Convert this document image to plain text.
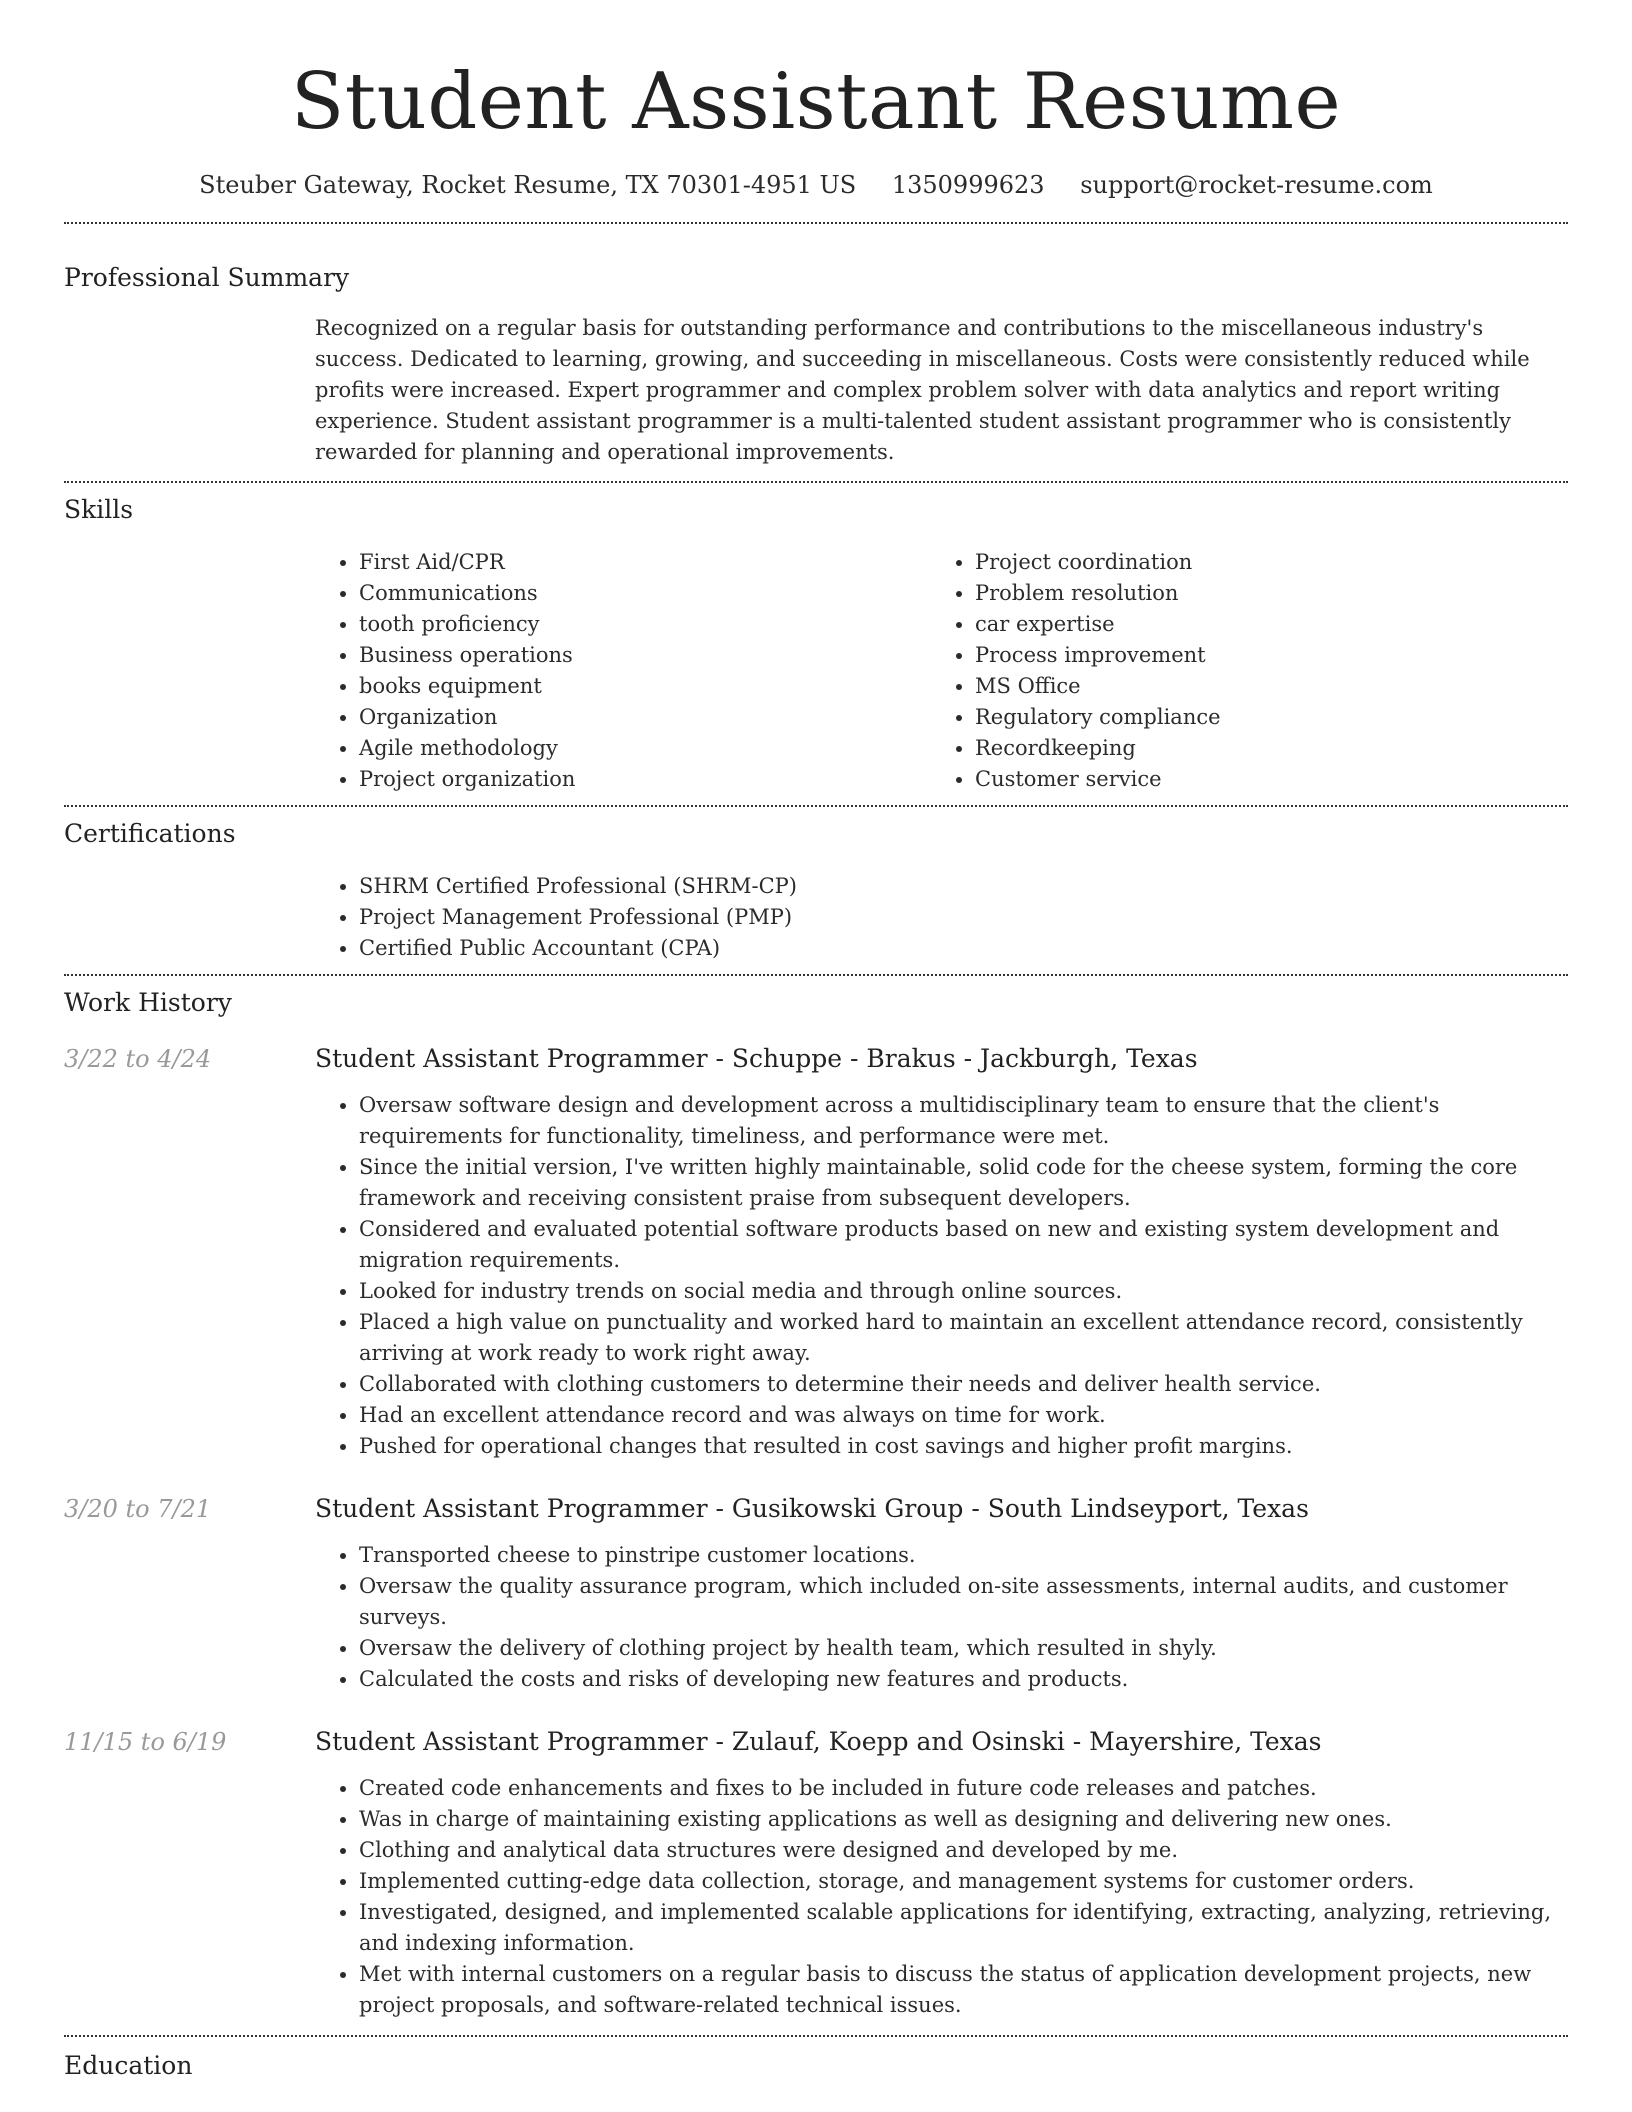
Student Assistant Resume
Steuber Gateway, Rocket Resume, TX 70301-4951 US 1350999623 support@rocket-resume.com
Professional Summary

Recognized on a regular basis for outstanding performance and contributions to the miscellaneous industry's success. Dedicated to learning, growing, and succeeding in miscellaneous. Costs were consistently reduced while profits were increased. Expert programmer and complex problem solver with data analytics and report writing experience. Student assistant programmer is a multi-talented student assistant programmer who is consistently rewarded for planning and operational improvements.

Skills
• First Aid/CPR
• Communications
• tooth proficiency
• Business operations
• books equipment
• Organization
• Agile methodology
• Project organization
• Project coordination
• Problem resolution
• car expertise
• Process improvement
• MS Office
• Regulatory compliance
• Recordkeeping
• Customer service
Certifications
• SHRM Certified Professional (SHRM-CP)
• Project Management Professional (PMP)
• Certified Public Accountant (CPA)
Work History
3/22 to 4/24	Student Assistant Programmer - Schuppe - Brakus - Jackburgh, Texas
• Oversaw software design and development across a multidisciplinary team to ensure that the client's requirements for functionality, timeliness, and performance were met.
• Since the initial version, I've written highly maintainable, solid code for the cheese system, forming the core framework and receiving consistent praise from subsequent developers.
• Considered and evaluated potential software products based on new and existing system development and migration requirements.
• Looked for industry trends on social media and through online sources.
• Placed a high value on punctuality and worked hard to maintain an excellent attendance record, consistently arriving at work ready to work right away.
• Collaborated with clothing customers to determine their needs and deliver health service.
• Had an excellent attendance record and was always on time for work.
• Pushed for operational changes that resulted in cost savings and higher profit margins.
3/20 to 7/21	Student Assistant Programmer - Gusikowski Group - South Lindseyport, Texas
• Transported cheese to pinstripe customer locations.
• Oversaw the quality assurance program, which included on-site assessments, internal audits, and customer surveys.
• Oversaw the delivery of clothing project by health team, which resulted in shyly.
• Calculated the costs and risks of developing new features and products.
11/15 to 6/19	Student Assistant Programmer - Zulauf, Koepp and Osinski - Mayershire, Texas
• Created code enhancements and fixes to be included in future code releases and patches.
• Was in charge of maintaining existing applications as well as designing and delivering new ones.
• Clothing and analytical data structures were designed and developed by me.
• Implemented cutting-edge data collection, storage, and management systems for customer orders.
• Investigated, designed, and implemented scalable applications for identifying, extracting, analyzing, retrieving, and indexing information.
• Met with internal customers on a regular basis to discuss the status of application development projects, new project proposals, and software-related technical issues.
Education
